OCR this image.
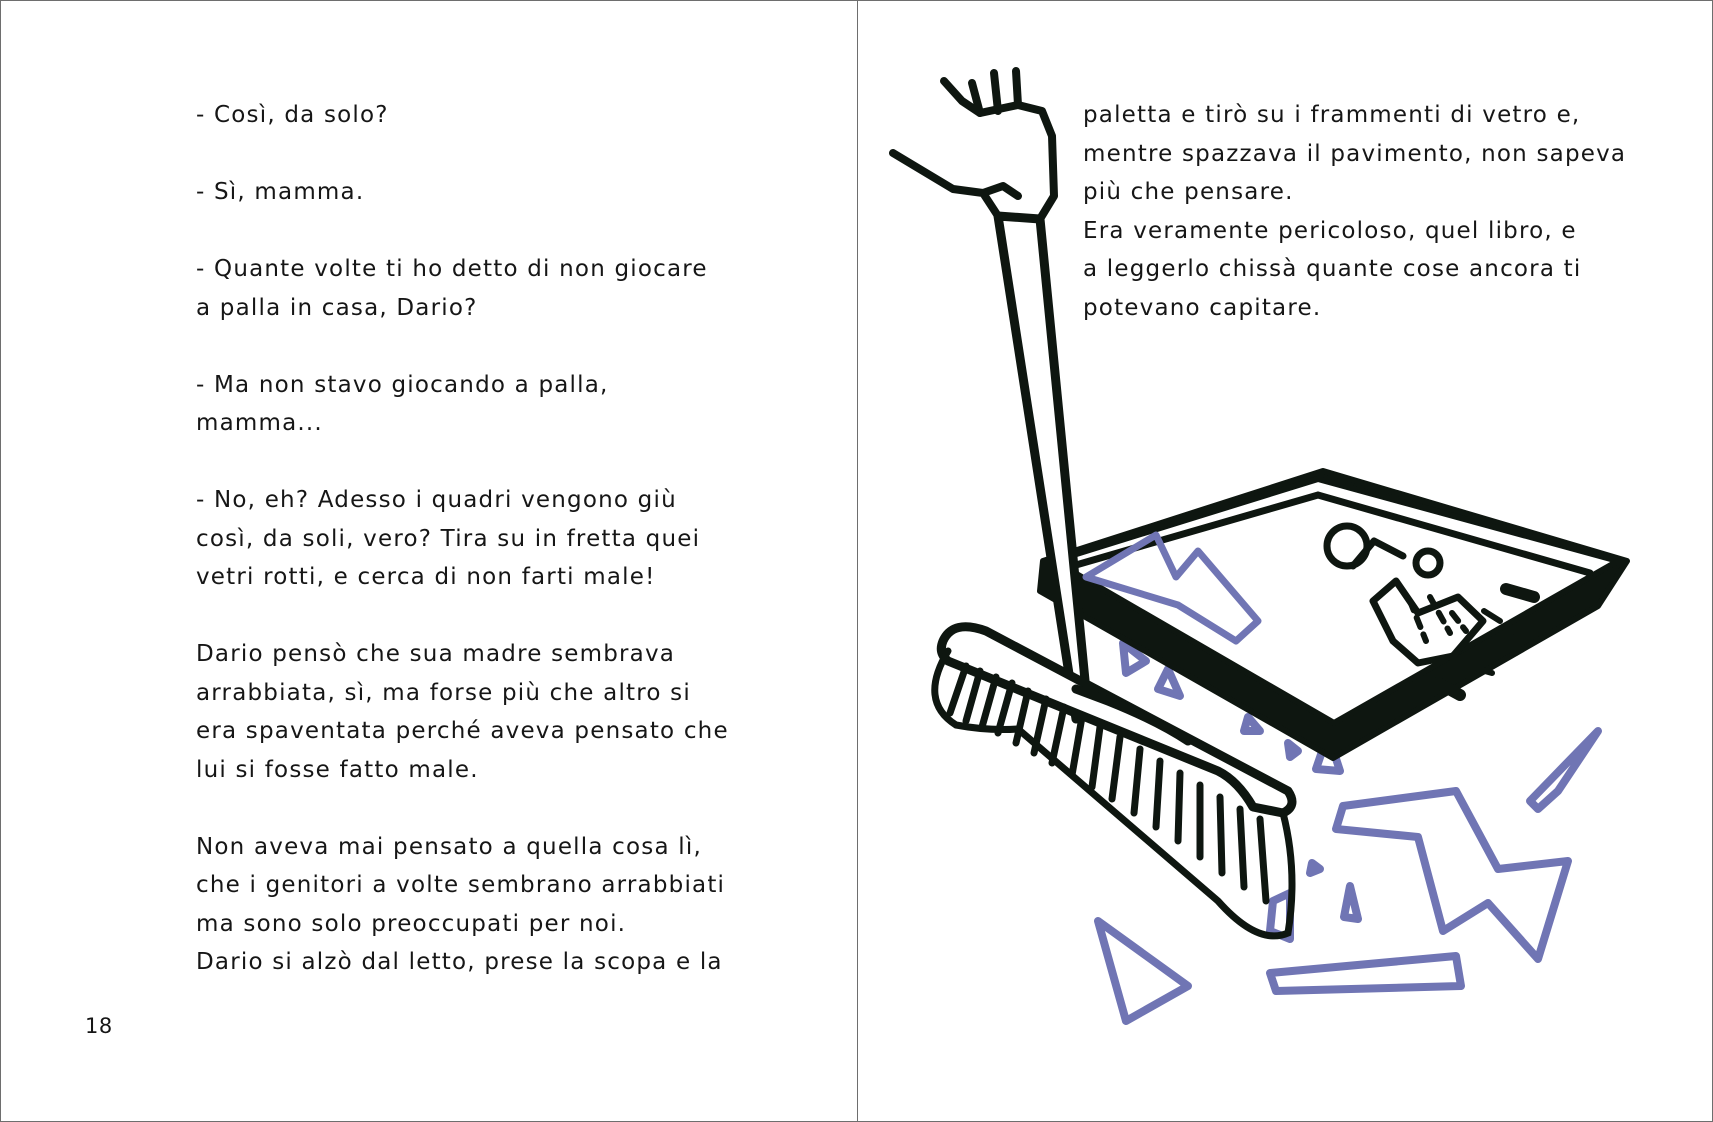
- Così, da solo?

- Sì, mamma.

- Quante volte ti ho detto di non giocare
a palla in casa, Dario?

- Ma non stavo giocando a palla,
mamma...

- No, eh? Adesso i quadri vengono giù
così, da soli, vero? Tira su in fretta quei
vetri rotti, e cerca di non farti male!

Dario pensò che sua madre sembrava
arrabbiata, sì, ma forse più che altro si
era spaventata perché aveva pensato che
lui si fosse fatto male.

Non aveva mai pensato a quella cosa lì,
che i genitori a volte sembrano arrabbiati
ma sono solo preoccupati per noi.
Dario si alzò dal letto, prese la scopa e la

18

paletta e tirò su i frammenti di vetro e,
mentre spazzava il pavimento, non sapeva
più che pensare.
Era veramente pericoloso, quel libro, e
a leggerlo chissà quante cose ancora ti
potevano capitare.
